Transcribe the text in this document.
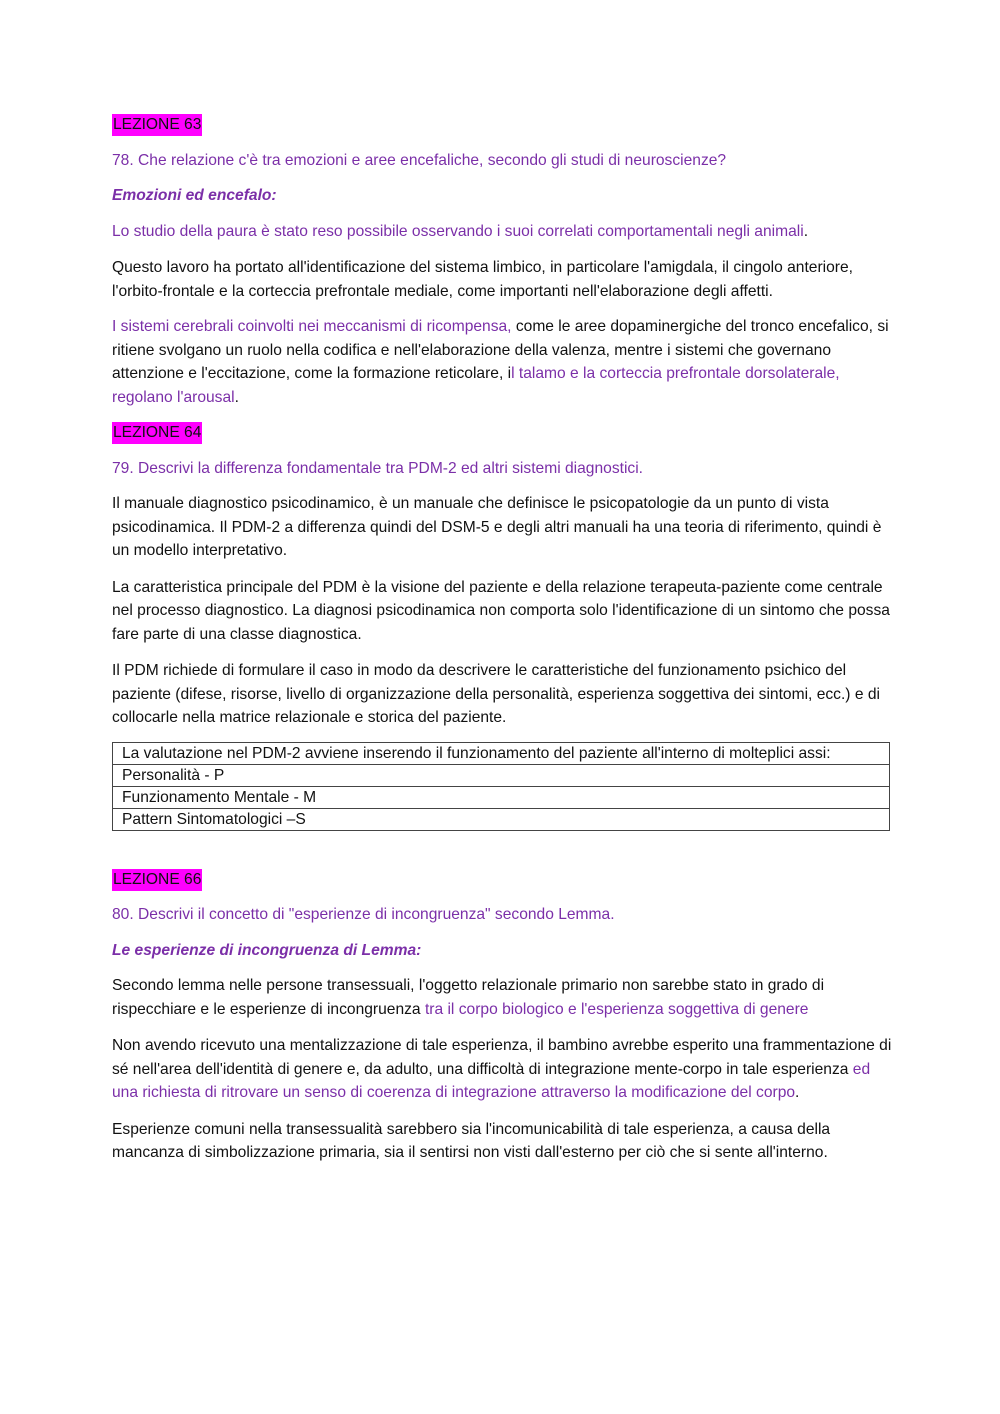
LEZIONE 63

78. Che relazione c'è tra emozioni e aree encefaliche, secondo gli studi di neuroscienze?

Emozioni ed encefalo:

Lo studio della paura è stato reso possibile osservando i suoi correlati comportamentali negli animali.

Questo lavoro ha portato all'identificazione del sistema limbico, in particolare l'amigdala, il cingolo anteriore, l'orbito-frontale e la corteccia prefrontale mediale, come importanti nell'elaborazione degli affetti.

I sistemi cerebrali coinvolti nei meccanismi di ricompensa, come le aree dopaminergiche del tronco encefalico, si ritiene svolgano un ruolo nella codifica e nell'elaborazione della valenza, mentre i sistemi che governano attenzione e l'eccitazione, come la formazione reticolare, il talamo e la corteccia prefrontale dorsolaterale, regolano l'arousal.

LEZIONE 64

79. Descrivi la differenza fondamentale tra PDM-2 ed altri sistemi diagnostici.

Il manuale diagnostico psicodinamico, è un manuale che definisce le psicopatologie da un punto di vista psicodinamica. Il PDM-2 a differenza quindi del DSM-5 e degli altri manuali ha una teoria di riferimento, quindi è un modello interpretativo.

La caratteristica principale del PDM è la visione del paziente e della relazione terapeuta-paziente come centrale nel processo diagnostico. La diagnosi psicodinamica non comporta solo l'identificazione di un sintomo che possa fare parte di una classe diagnostica.

Il PDM richiede di formulare il caso in modo da descrivere le caratteristiche del funzionamento psichico del paziente (difese, risorse, livello di organizzazione della personalità, esperienza soggettiva dei sintomi, ecc.) e di collocarle nella matrice relazionale e storica del paziente.

La valutazione nel PDM-2 avviene inserendo il funzionamento del paziente all'interno di molteplici assi:
Personalità - P
Funzionamento Mentale - M
Pattern Sintomatologici –S
LEZIONE 66

80. Descrivi il concetto di "esperienze di incongruenza" secondo Lemma.

Le esperienze di incongruenza di Lemma:

Secondo lemma nelle persone transessuali, l'oggetto relazionale primario non sarebbe stato in grado di rispecchiare e le esperienze di incongruenza tra il corpo biologico e l'esperienza soggettiva di genere

Non avendo ricevuto una mentalizzazione di tale esperienza, il bambino avrebbe esperito una frammentazione di sé nell'area dell'identità di genere e, da adulto, una difficoltà di integrazione mente-corpo in tale esperienza ed una richiesta di ritrovare un senso di coerenza di integrazione attraverso la modificazione del corpo.

Esperienze comuni nella transessualità sarebbero sia l'incomunicabilità di tale esperienza, a causa della mancanza di simbolizzazione primaria, sia il sentirsi non visti dall'esterno per ciò che si sente all'interno.
